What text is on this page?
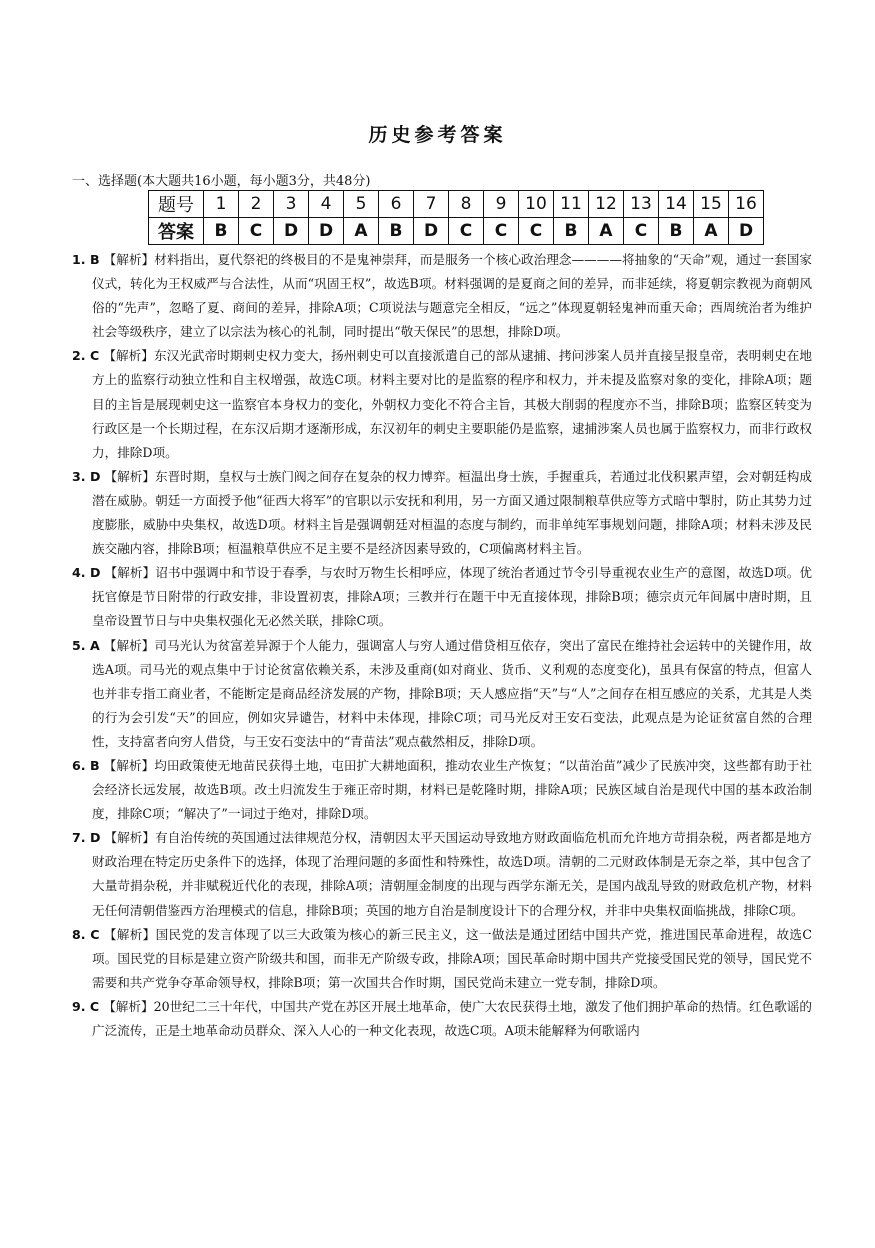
历史参考答案
一、选择题(本大题共16小题，每小题3分，共48分)
题号	1	2	3	4	5	6	7	8	9	10	11	12	13	14	15	16
答案	B	C	D	D	A	B	D	C	C	C	B	A	C	B	A	D

1. B 【解析】材料指出，夏代祭祀的终极目的不是鬼神崇拜，而是服务一个核心政治理念————将抽象的“天命”观，通过一套国家仪式，转化为王权威严与合法性，从而“巩固王权”，故选B项。材料强调的是夏商之间的差异，而非延续，将夏朝宗教视为商朝风俗的“先声”，忽略了夏、商间的差异，排除A项；C项说法与题意完全相反，“远之”体现夏朝轻鬼神而重天命；西周统治者为维护社会等级秩序，建立了以宗法为核心的礼制，同时提出“敬天保民”的思想，排除D项。

2. C 【解析】东汉光武帝时期刺史权力变大，扬州刺史可以直接派遣自己的部从逮捕、拷问涉案人员并直接呈报皇帝，表明刺史在地方上的监察行动独立性和自主权增强，故选C项。材料主要对比的是监察的程序和权力，并未提及监察对象的变化，排除A项；题目的主旨是展现刺史这一监察官本身权力的变化，外朝权力变化不符合主旨，其极大削弱的程度亦不当，排除B项；监察区转变为行政区是一个长期过程，在东汉后期才逐渐形成，东汉初年的刺史主要职能仍是监察，逮捕涉案人员也属于监察权力，而非行政权力，排除D项。

3. D 【解析】东晋时期，皇权与士族门阀之间存在复杂的权力博弈。桓温出身士族，手握重兵，若通过北伐积累声望，会对朝廷构成潜在威胁。朝廷一方面授予他“征西大将军”的官职以示安抚和利用，另一方面又通过限制粮草供应等方式暗中掣肘，防止其势力过度膨胀，威胁中央集权，故选D项。材料主旨是强调朝廷对桓温的态度与制约，而非单纯军事规划问题，排除A项；材料未涉及民族交融内容，排除B项；桓温粮草供应不足主要不是经济因素导致的，C项偏离材料主旨。

4. D 【解析】诏书中强调中和节设于春季，与农时万物生长相呼应，体现了统治者通过节令引导重视农业生产的意图，故选D项。优抚官僚是节日附带的行政安排，非设置初衷，排除A项；三教并行在题干中无直接体现，排除B项；德宗贞元年间属中唐时期，且皇帝设置节日与中央集权强化无必然关联，排除C项。

5. A 【解析】司马光认为贫富差异源于个人能力，强调富人与穷人通过借贷相互依存，突出了富民在维持社会运转中的关键作用，故选A项。司马光的观点集中于讨论贫富依赖关系，未涉及重商(如对商业、货币、义利观的态度变化)，虽具有保富的特点，但富人也并非专指工商业者，不能断定是商品经济发展的产物，排除B项；天人感应指“天”与“人”之间存在相互感应的关系，尤其是人类的行为会引发“天”的回应，例如灾异谴告，材料中未体现，排除C项；司马光反对王安石变法，此观点是为论证贫富自然的合理性，支持富者向穷人借贷，与王安石变法中的“青苗法”观点截然相反，排除D项。

6. B 【解析】均田政策使无地苗民获得土地，屯田扩大耕地面积，推动农业生产恢复；“以苗治苗”减少了民族冲突，这些都有助于社会经济长远发展，故选B项。改土归流发生于雍正帝时期，材料已是乾隆时期，排除A项；民族区域自治是现代中国的基本政治制度，排除C项；“解决了”一词过于绝对，排除D项。

7. D 【解析】有自治传统的英国通过法律规范分权，清朝因太平天国运动导致地方财政面临危机而允许地方苛捐杂税，两者都是地方财政治理在特定历史条件下的选择，体现了治理问题的多面性和特殊性，故选D项。清朝的二元财政体制是无奈之举，其中包含了大量苛捐杂税，并非赋税近代化的表现，排除A项；清朝厘金制度的出现与西学东渐无关，是国内战乱导致的财政危机产物，材料无任何清朝借鉴西方治理模式的信息，排除B项；英国的地方自治是制度设计下的合理分权，并非中央集权面临挑战，排除C项。

8. C 【解析】国民党的发言体现了以三大政策为核心的新三民主义，这一做法是通过团结中国共产党，推进国民革命进程，故选C项。国民党的目标是建立资产阶级共和国，而非无产阶级专政，排除A项；国民革命时期中国共产党接受国民党的领导，国民党不需要和共产党争夺革命领导权，排除B项；第一次国共合作时期，国民党尚未建立一党专制，排除D项。

9. C 【解析】20世纪二三十年代，中国共产党在苏区开展土地革命，使广大农民获得土地，激发了他们拥护革命的热情。红色歌谣的广泛流传，正是土地革命动员群众、深入人心的一种文化表现，故选C项。A项未能解释为何歌谣内
